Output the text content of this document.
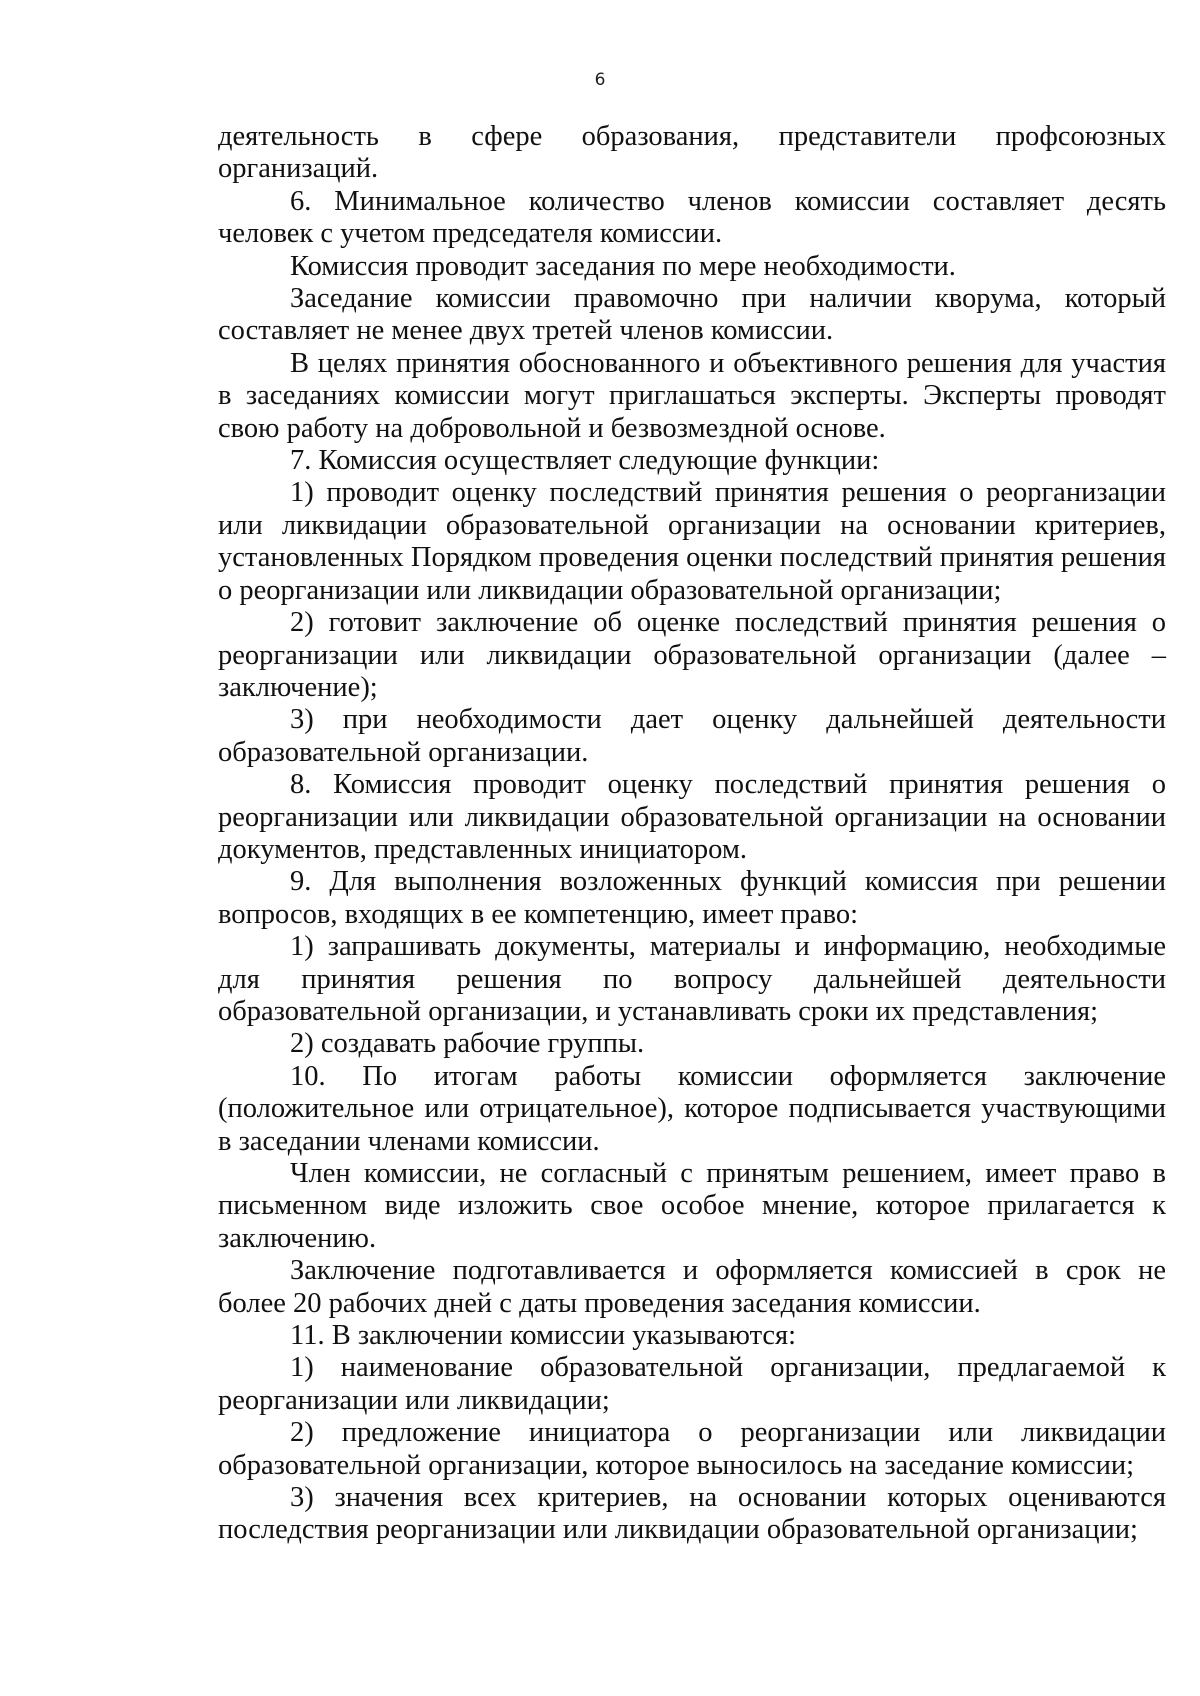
6

деятельность в сфере образования, представители профсоюзных организаций.

6. Минимальное количество членов комиссии составляет десять человек с учетом председателя комиссии.

Комиссия проводит заседания по мере необходимости.

Заседание комиссии правомочно при наличии кворума, который составляет не менее двух третей членов комиссии.

В целях принятия обоснованного и объективного решения для участия в заседаниях комиссии могут приглашаться эксперты. Эксперты проводят свою работу на добровольной и безвозмездной основе.

7. Комиссия осуществляет следующие функции:

1) проводит оценку последствий принятия решения о реорганизации или ликвидации образовательной организации на основании критериев, установленных Порядком проведения оценки последствий принятия решения о реорганизации или ликвидации образовательной организации;

2) готовит заключение об оценке последствий принятия решения о реорганизации или ликвидации образовательной организации (далее – заключение);

3) при необходимости дает оценку дальнейшей деятельности образовательной организации.

8. Комиссия проводит оценку последствий принятия решения о реорганизации или ликвидации образовательной организации на основании документов, представленных инициатором.

9. Для выполнения возложенных функций комиссия при решении вопросов, входящих в ее компетенцию, имеет право:

1) запрашивать документы, материалы и информацию, необходимые для принятия решения по вопросу дальнейшей деятельности образовательной организации, и устанавливать сроки их представления;

2) создавать рабочие группы.

10. По итогам работы комиссии оформляется заключение (положительное или отрицательное), которое подписывается участвующими в заседании членами комиссии.

Член комиссии, не согласный с принятым решением, имеет право в письменном виде изложить свое особое мнение, которое прилагается к заключению.

Заключение подготавливается и оформляется комиссией в срок не более 20 рабочих дней с даты проведения заседания комиссии.

11. В заключении комиссии указываются:

1) наименование образовательной организации, предлагаемой к реорганизации или ликвидации;

2) предложение инициатора о реорганизации или ликвидации образовательной организации, которое выносилось на заседание комиссии;

3) значения всех критериев, на основании которых оцениваются последствия реорганизации или ликвидации образовательной организации;
